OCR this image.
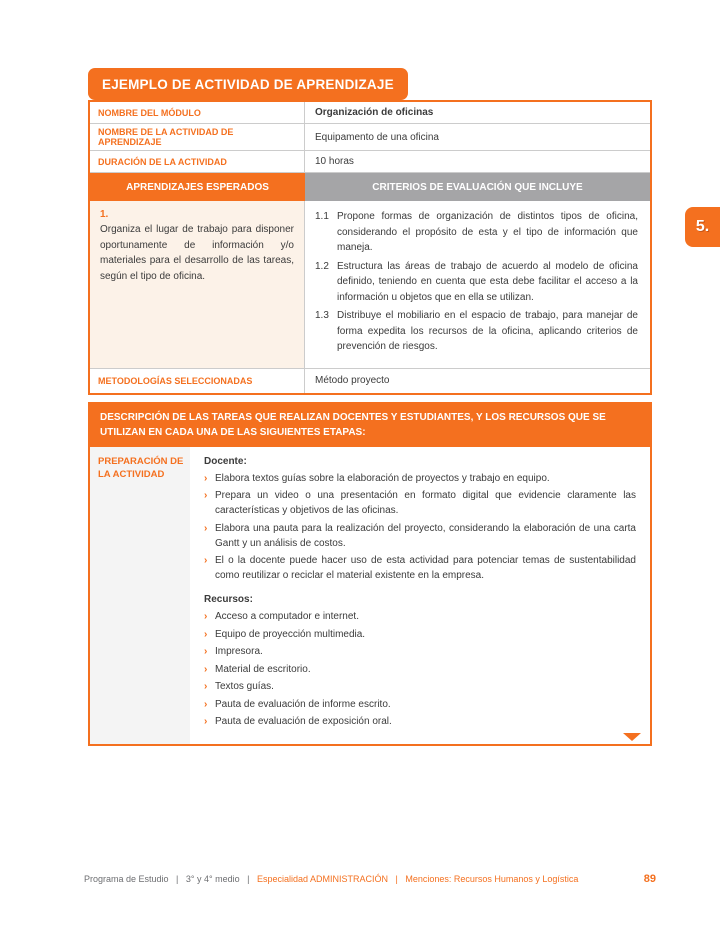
EJEMPLO DE ACTIVIDAD DE APRENDIZAJE
NOMBRE DEL MÓDULO	Organización de oficinas
NOMBRE DE LA ACTIVIDAD DE APRENDIZAJE	Equipamento de una oficina
DURACIÓN DE LA ACTIVIDAD	10 horas
APRENDIZAJES ESPERADOS	CRITERIOS DE EVALUACIÓN QUE INCLUYE
1.
Organiza el lugar de trabajo para disponer oportunamente de información y/o materiales para el desarrollo de las tareas, según el tipo de oficina.
1.1 Propone formas de organización de distintos tipos de oficina, considerando el propósito de esta y el tipo de información que maneja.
1.2 Estructura las áreas de trabajo de acuerdo al modelo de oficina definido, teniendo en cuenta que esta debe facilitar el acceso a la información u objetos que en ella se utilizan.
1.3 Distribuye el mobiliario en el espacio de trabajo, para manejar de forma expedita los recursos de la oficina, aplicando criterios de prevención de riesgos.
METODOLOGÍAS SELECCIONADAS	Método proyecto
DESCRIPCIÓN DE LAS TAREAS QUE REALIZAN DOCENTES Y ESTUDIANTES, Y LOS RECURSOS QUE SE UTILIZAN EN CADA UNA DE LAS SIGUIENTES ETAPAS:
PREPARACIÓN DE LA ACTIVIDAD
Docente:
› Elabora textos guías sobre la elaboración de proyectos y trabajo en equipo.
› Prepara un video o una presentación en formato digital que evidencie claramente las características y objetivos de las oficinas.
› Elabora una pauta para la realización del proyecto, considerando la elaboración de una carta Gantt y un análisis de costos.
› El o la docente puede hacer uso de esta actividad para potenciar temas de sustentabilidad como reutilizar o reciclar el material existente en la empresa.
Recursos:
› Acceso a computador e internet.
› Equipo de proyección multimedia.
› Impresora.
› Material de escritorio.
› Textos guías.
› Pauta de evaluación de informe escrito.
› Pauta de evaluación de exposición oral.
5.
Programa de Estudio   |   3° y 4° medio   |   Especialidad ADMINISTRACIÓN   |   Menciones: Recursos Humanos y Logística	89
